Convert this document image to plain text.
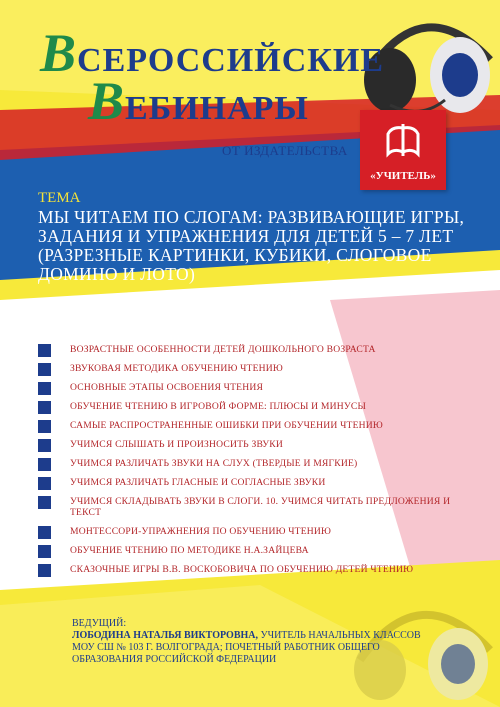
ВСЕРОССИЙСКИЕ
ВЕБИНАРЫ
ОТ ИЗДАТЕЛЬСТВА
«УЧИТЕЛЬ»
ТЕМА
МЫ ЧИТАЕМ ПО СЛОГАМ: РАЗВИВАЮЩИЕ ИГРЫ, ЗАДАНИЯ И УПРАЖНЕНИЯ ДЛЯ ДЕТЕЙ 5 – 7 ЛЕТ (РАЗРЕЗНЫЕ КАРТИНКИ, КУБИКИ, СЛОГОВОЕ ДОМИНО И ЛОТО)
ВОЗРАСТНЫЕ ОСОБЕННОСТИ ДЕТЕЙ ДОШКОЛЬНОГО ВОЗРАСТА
ЗВУКОВАЯ МЕТОДИКА ОБУЧЕНИЮ ЧТЕНИЮ
ОСНОВНЫЕ ЭТАПЫ ОСВОЕНИЯ ЧТЕНИЯ
ОБУЧЕНИЕ ЧТЕНИЮ В ИГРОВОЙ ФОРМЕ: ПЛЮСЫ И МИНУСЫ
САМЫЕ РАСПРОСТРАНЕННЫЕ ОШИБКИ ПРИ ОБУЧЕНИИ ЧТЕНИЮ
УЧИМСЯ СЛЫШАТЬ И ПРОИЗНОСИТЬ ЗВУКИ
УЧИМСЯ РАЗЛИЧАТЬ ЗВУКИ НА СЛУХ (ТВЕРДЫЕ И МЯГКИЕ)
УЧИМСЯ РАЗЛИЧАТЬ ГЛАСНЫЕ И СОГЛАСНЫЕ ЗВУКИ
УЧИМСЯ СКЛАДЫВАТЬ ЗВУКИ В СЛОГИ. 10. УЧИМСЯ ЧИТАТЬ ПРЕДЛОЖЕНИЯ И ТЕКСТ
МОНТЕССОРИ-УПРАЖНЕНИЯ ПО ОБУЧЕНИЮ ЧТЕНИЮ
ОБУЧЕНИЕ ЧТЕНИЮ ПО МЕТОДИКЕ Н.А.ЗАЙЦЕВА
СКАЗОЧНЫЕ ИГРЫ В.В. ВОСКОБОВИЧА ПО ОБУЧЕНИЮ ДЕТЕЙ ЧТЕНИЮ
ВЕДУЩИЙ:
ЛОБОДИНА НАТАЛЬЯ ВИКТОРОВНА, УЧИТЕЛЬ НАЧАЛЬНЫХ КЛАССОВ МОУ СШ № 103 Г. ВОЛГОГРАДА; ПОЧЕТНЫЙ РАБОТНИК ОБЩЕГО ОБРАЗОВАНИЯ РОССИЙСКОЙ ФЕДЕРАЦИИ
